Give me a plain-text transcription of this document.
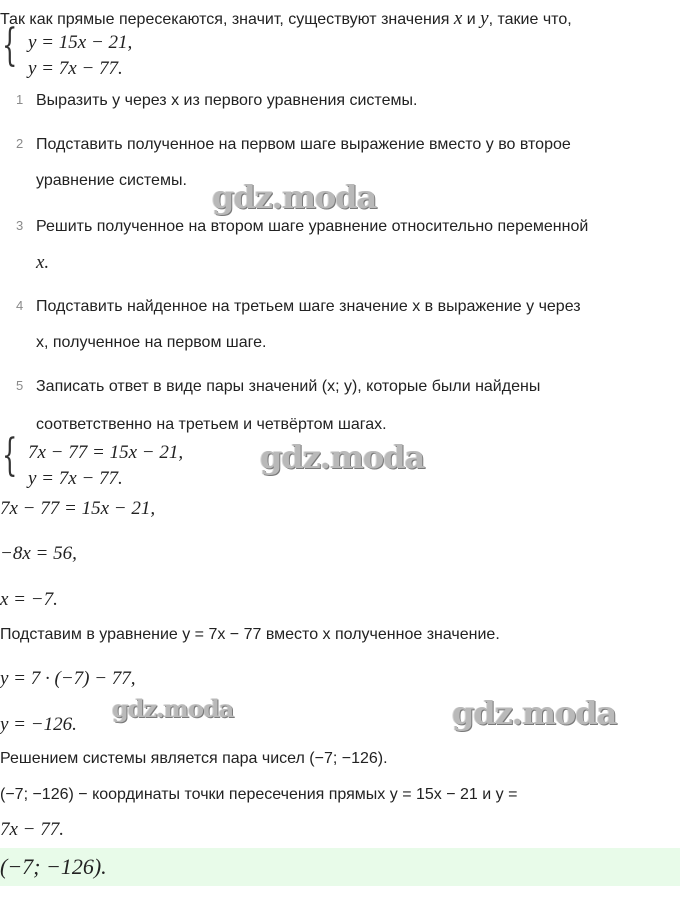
Так как прямые пересекаются, значит, существуют значения x и y, такие что,
{ y = 15x − 21,
y = 7x − 77.
1 Выразить y через x из первого уравнения системы.
2 Подставить полученное на первом шаге выражение вместо y во второе
уравнение системы.
3 Решить полученное на втором шаге уравнение относительно переменной
x.
4 Подставить найденное на третьем шаге значение x в выражение y через
x, полученное на первом шаге.
5 Записать ответ в виде пары значений (x; y), которые были найдены
соответственно на третьем и четвёртом шагах.
{ 7x − 77 = 15x − 21,
y = 7x − 77.
7x − 77 = 15x − 21,
−8x = 56,
x = −7.
Подставим в уравнение y = 7x − 77 вместо x полученное значение.
y = 7 · (−7) − 77,
y = −126.
Решением системы является пара чисел (−7; −126).
(−7; −126) − координаты точки пересечения прямых y = 15x − 21 и y =
7x − 77.
(−7; −126).
gdz.moda
gdz.moda
gdz.moda	gdz.moda
